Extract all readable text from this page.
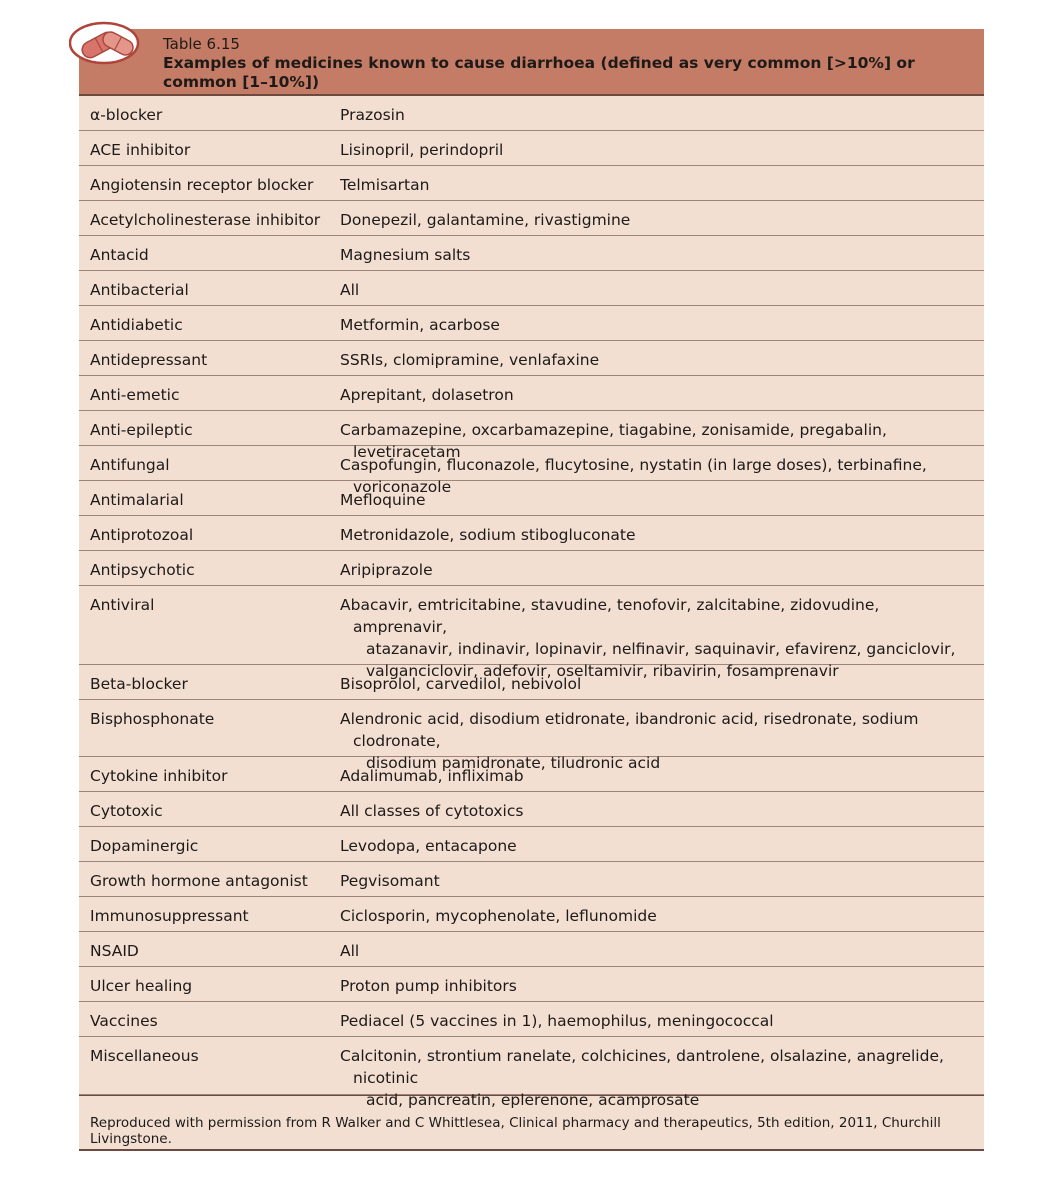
Table 6.15
Examples of medicines known to cause diarrhoea (defined as very common [>10%] or common [1–10%])
α-blocker	Prazosin
ACE inhibitor	Lisinopril, perindopril
Angiotensin receptor blocker	Telmisartan
Acetylcholinesterase inhibitor	Donepezil, galantamine, rivastigmine
Antacid	Magnesium salts
Antibacterial	All
Antidiabetic	Metformin, acarbose
Antidepressant	SSRIs, clomipramine, venlafaxine
Anti-emetic	Aprepitant, dolasetron
Anti-epileptic	Carbamazepine, oxcarbamazepine, tiagabine, zonisamide, pregabalin, levetiracetam
Antifungal	Caspofungin, fluconazole, flucytosine, nystatin (in large doses), terbinafine, voriconazole
Antimalarial	Mefloquine
Antiprotozoal	Metronidazole, sodium stibogluconate
Antipsychotic	Aripiprazole
Antiviral	Abacavir, emtricitabine, stavudine, tenofovir, zalcitabine, zidovudine, amprenavir,
atazanavir, indinavir, lopinavir, nelfinavir, saquinavir, efavirenz, ganciclovir,
valganciclovir, adefovir, oseltamivir, ribavirin, fosamprenavir
Beta-blocker	Bisoprolol, carvedilol, nebivolol
Bisphosphonate	Alendronic acid, disodium etidronate, ibandronic acid, risedronate, sodium clodronate,
disodium pamidronate, tiludronic acid
Cytokine inhibitor	Adalimumab, infliximab
Cytotoxic	All classes of cytotoxics
Dopaminergic	Levodopa, entacapone
Growth hormone antagonist	Pegvisomant
Immunosuppressant	Ciclosporin, mycophenolate, leflunomide
NSAID	All
Ulcer healing	Proton pump inhibitors
Vaccines	Pediacel (5 vaccines in 1), haemophilus, meningococcal
Miscellaneous	Calcitonin, strontium ranelate, colchicines, dantrolene, olsalazine, anagrelide, nicotinic
acid, pancreatin, eplerenone, acamprosate
Reproduced with permission from R Walker and C Whittlesea, Clinical pharmacy and therapeutics, 5th edition, 2011, Churchill Livingstone.
